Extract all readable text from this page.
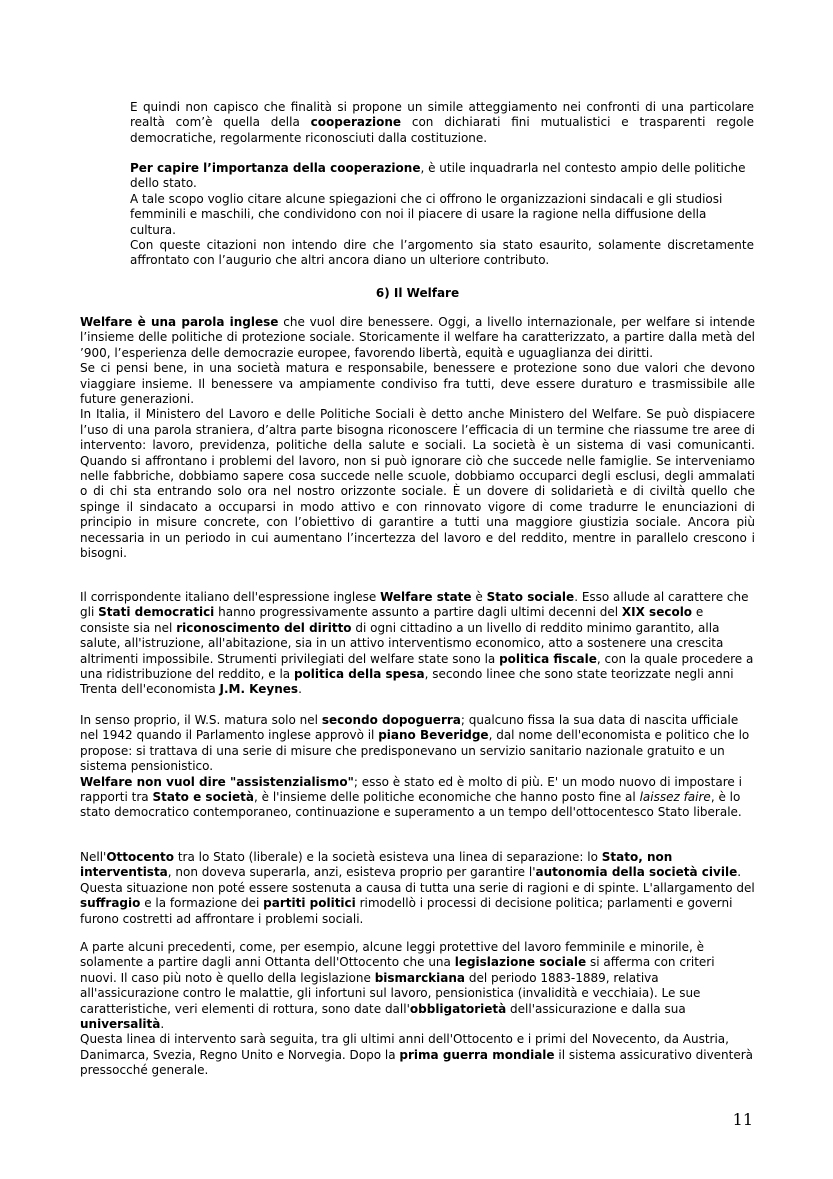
E quindi non capisco che finalità si propone un simile atteggiamento nei confronti di una particolare realtà com’è quella della cooperazione con dichiarati fini mutualistici e trasparenti regole democratiche, regolarmente riconosciuti dalla costituzione.

Per capire l’importanza della cooperazione, è utile inquadrarla nel contesto ampio delle politiche dello stato.
A tale scopo voglio citare alcune spiegazioni che ci offrono le organizzazioni sindacali e gli studiosi femminili e maschili, che condividono con noi il piacere di usare la ragione nella diffusione della cultura.
Con queste citazioni non intendo dire che l’argomento sia stato esaurito, solamente discretamente affrontato con l’augurio che altri ancora diano un ulteriore contributo.

6) Il Welfare

Welfare è una parola inglese che vuol dire benessere. Oggi, a livello internazionale, per welfare si intende l’insieme delle politiche di protezione sociale. Storicamente il welfare ha caratterizzato, a partire dalla metà del ’900, l’esperienza delle democrazie europee, favorendo libertà, equità e uguaglianza dei diritti.
Se ci pensi bene, in una società matura e responsabile, benessere e protezione sono due valori che devono viaggiare insieme. Il benessere va ampiamente condiviso fra tutti, deve essere duraturo e trasmissibile alle future generazioni.
In Italia, il Ministero del Lavoro e delle Politiche Sociali è detto anche Ministero del Welfare. Se può dispiacere l’uso di una parola straniera, d’altra parte bisogna riconoscere l’efficacia di un termine che riassume tre aree di intervento: lavoro, previdenza, politiche della salute e sociali. La società è un sistema di vasi comunicanti. Quando si affrontano i problemi del lavoro, non si può ignorare ciò che succede nelle famiglie. Se interveniamo nelle fabbriche, dobbiamo sapere cosa succede nelle scuole, dobbiamo occuparci degli esclusi, degli ammalati o di chi sta entrando solo ora nel nostro orizzonte sociale. È un dovere di solidarietà e di civiltà quello che spinge il sindacato a occuparsi in modo attivo e con rinnovato vigore di come tradurre le enunciazioni di principio in misure concrete, con l’obiettivo di garantire a tutti una maggiore giustizia sociale. Ancora più necessaria in un periodo in cui aumentano l’incertezza del lavoro e del reddito, mentre in parallelo crescono i bisogni.

Il corrispondente italiano dell'espressione inglese Welfare state è Stato sociale. Esso allude al carattere che gli Stati democratici hanno progressivamente assunto a partire dagli ultimi decenni del XIX secolo e consiste sia nel riconoscimento del diritto di ogni cittadino a un livello di reddito minimo garantito, alla salute, all'istruzione, all'abitazione, sia in un attivo interventismo economico, atto a sostenere una crescita altrimenti impossibile. Strumenti privilegiati del welfare state sono la politica fiscale, con la quale procedere a una ridistribuzione del reddito, e la politica della spesa, secondo linee che sono state teorizzate negli anni Trenta dell'economista J.M. Keynes.

In senso proprio, il W.S. matura solo nel secondo dopoguerra; qualcuno fissa la sua data di nascita ufficiale nel 1942 quando il Parlamento inglese approvò il piano Beveridge, dal nome dell'economista e politico che lo propose: si trattava di una serie di misure che predisponevano un servizio sanitario nazionale gratuito e un sistema pensionistico.
Welfare non vuol dire "assistenzialismo"; esso è stato ed è molto di più. E' un modo nuovo di impostare i rapporti tra Stato e società, è l'insieme delle politiche economiche che hanno posto fine al laissez faire, è lo stato democratico contemporaneo, continuazione e superamento a un tempo dell'ottocentesco Stato liberale.

Nell'Ottocento tra lo Stato (liberale) e la società esisteva una linea di separazione: lo Stato, non interventista, non doveva superarla, anzi, esisteva proprio per garantire l'autonomia della società civile. Questa situazione non poté essere sostenuta a causa di tutta una serie di ragioni e di spinte. L'allargamento del suffragio e la formazione dei partiti politici rimodellò i processi di decisione politica; parlamenti e governi furono costretti ad affrontare i problemi sociali.

A parte alcuni precedenti, come, per esempio, alcune leggi protettive del lavoro femminile e minorile, è solamente a partire dagli anni Ottanta dell'Ottocento che una legislazione sociale si afferma con criteri nuovi. Il caso più noto è quello della legislazione bismarckiana del periodo 1883-1889, relativa all'assicurazione contro le malattie, gli infortuni sul lavoro, pensionistica (invalidità e vecchiaia). Le sue caratteristiche, veri elementi di rottura, sono date dall'obbligatorietà dell'assicurazione e dalla sua universalità.
Questa linea di intervento sarà seguita, tra gli ultimi anni dell'Ottocento e i primi del Novecento, da Austria, Danimarca, Svezia, Regno Unito e Norvegia. Dopo la prima guerra mondiale il sistema assicurativo diventerà pressocché generale.

11
